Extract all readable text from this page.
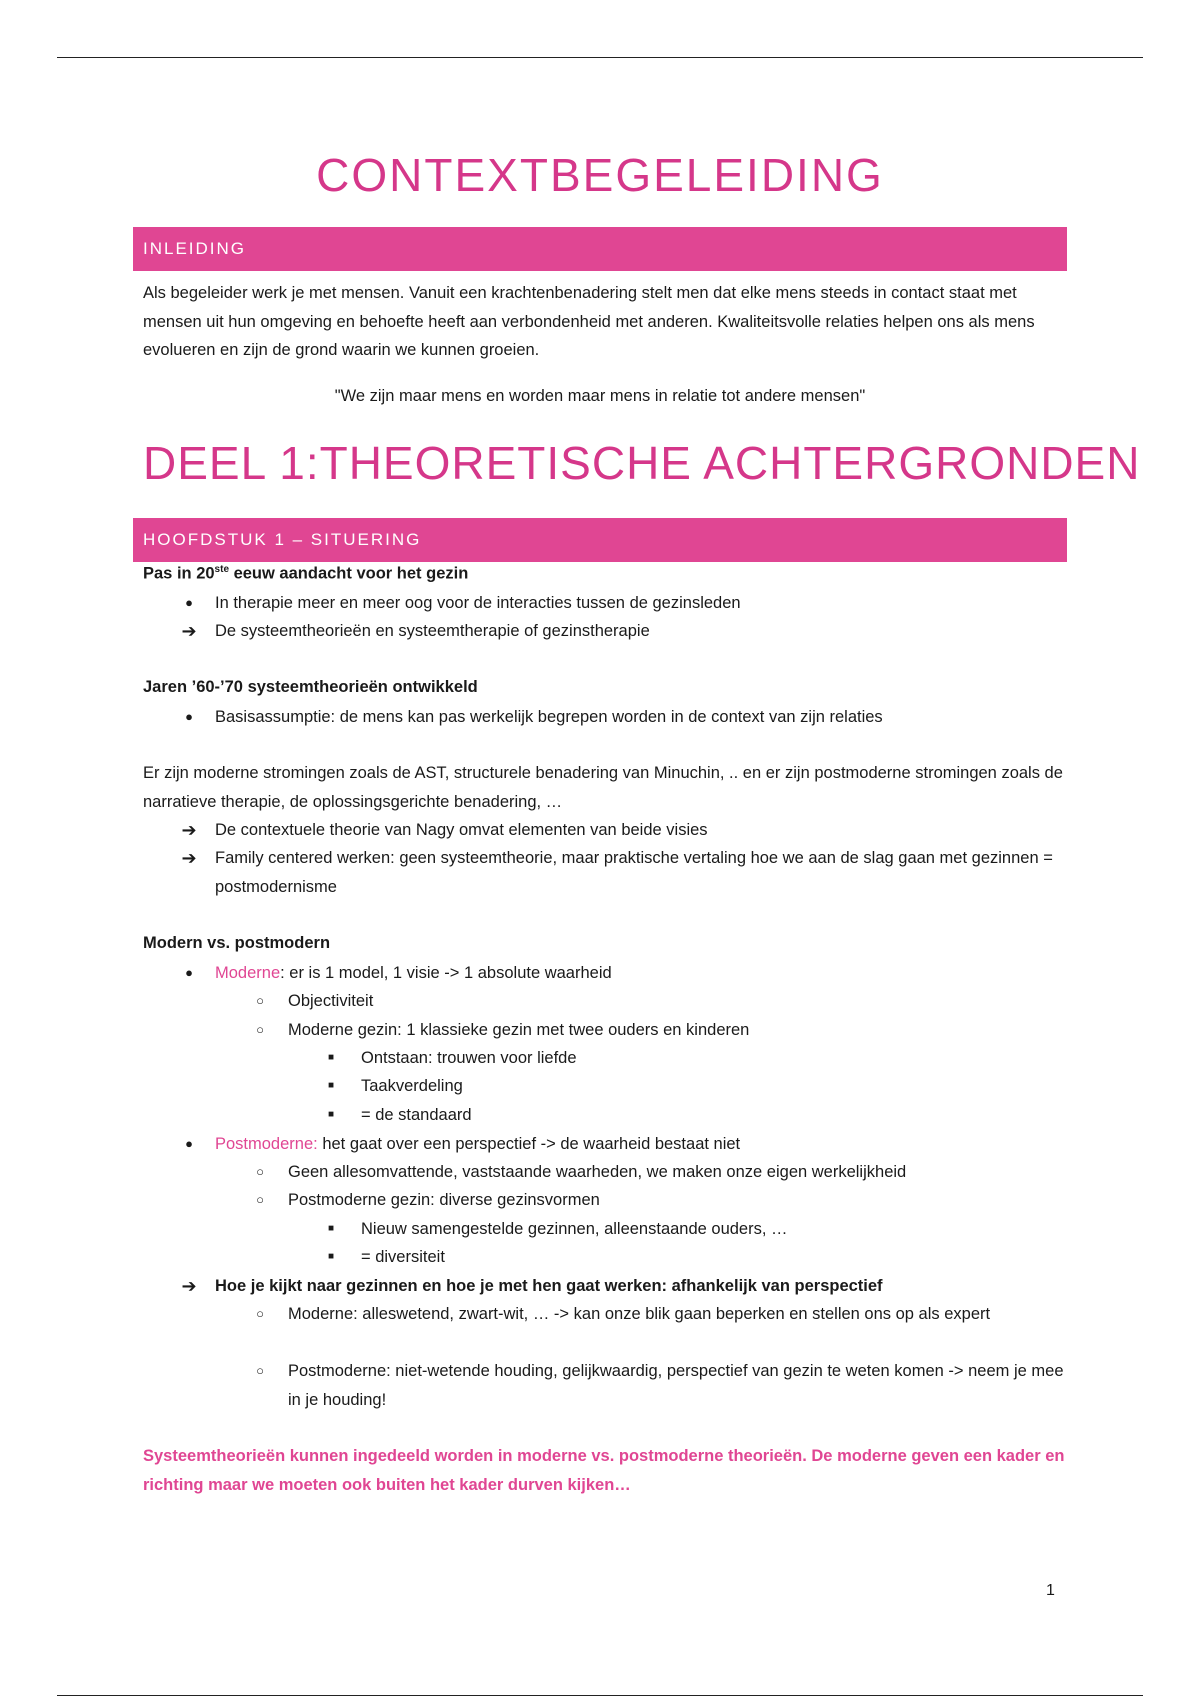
CONTEXTBEGELEIDING
INLEIDING
Als begeleider werk je met mensen. Vanuit een krachtenbenadering stelt men dat elke mens steeds in contact staat met mensen uit hun omgeving en behoefte heeft aan verbondenheid met anderen. Kwaliteitsvolle relaties helpen ons als mens evolueren en zijn de grond waarin we kunnen groeien.
"We zijn maar mens en worden maar mens in relatie tot andere mensen"
DEEL 1:THEORETISCHE ACHTERGRONDEN
HOOFDSTUK 1 – SITUERING
Pas in 20ste eeuw aandacht voor het gezin
● In therapie meer en meer oog voor de interacties tussen de gezinsleden
➔ De systeemtheorieën en systeemtherapie of gezinstherapie
Jaren ’60-’70 systeemtheorieën ontwikkeld
● Basisassumptie: de mens kan pas werkelijk begrepen worden in de context van zijn relaties
Er zijn moderne stromingen zoals de AST, structurele benadering van Minuchin, .. en er zijn postmoderne stromingen zoals de narratieve therapie, de oplossingsgerichte benadering, …
➔ De contextuele theorie van Nagy omvat elementen van beide visies
➔ Family centered werken: geen systeemtheorie, maar praktische vertaling hoe we aan de slag gaan met gezinnen = postmodernisme
Modern vs. postmodern
● Moderne: er is 1 model, 1 visie -> 1 absolute waarheid
○ Objectiviteit
○ Moderne gezin: 1 klassieke gezin met twee ouders en kinderen
■	Ontstaan: trouwen voor liefde
■	Taakverdeling
■	= de standaard
● Postmoderne: het gaat over een perspectief -> de waarheid bestaat niet
○ Geen allesomvattende, vaststaande waarheden, we maken onze eigen werkelijkheid
○ Postmoderne gezin: diverse gezinsvormen
■	Nieuw samengestelde gezinnen, alleenstaande ouders, …
■	= diversiteit
➔ Hoe je kijkt naar gezinnen en hoe je met hen gaat werken: afhankelijk van perspectief
○ Moderne: alleswetend, zwart-wit, … -> kan onze blik gaan beperken en stellen ons op als expert
○ Postmoderne: niet-wetende houding, gelijkwaardig, perspectief van gezin te weten komen -> neem je mee in je houding!
Systeemtheorieën kunnen ingedeeld worden in moderne vs. postmoderne theorieën. De moderne geven een kader en richting maar we moeten ook buiten het kader durven kijken…
1
